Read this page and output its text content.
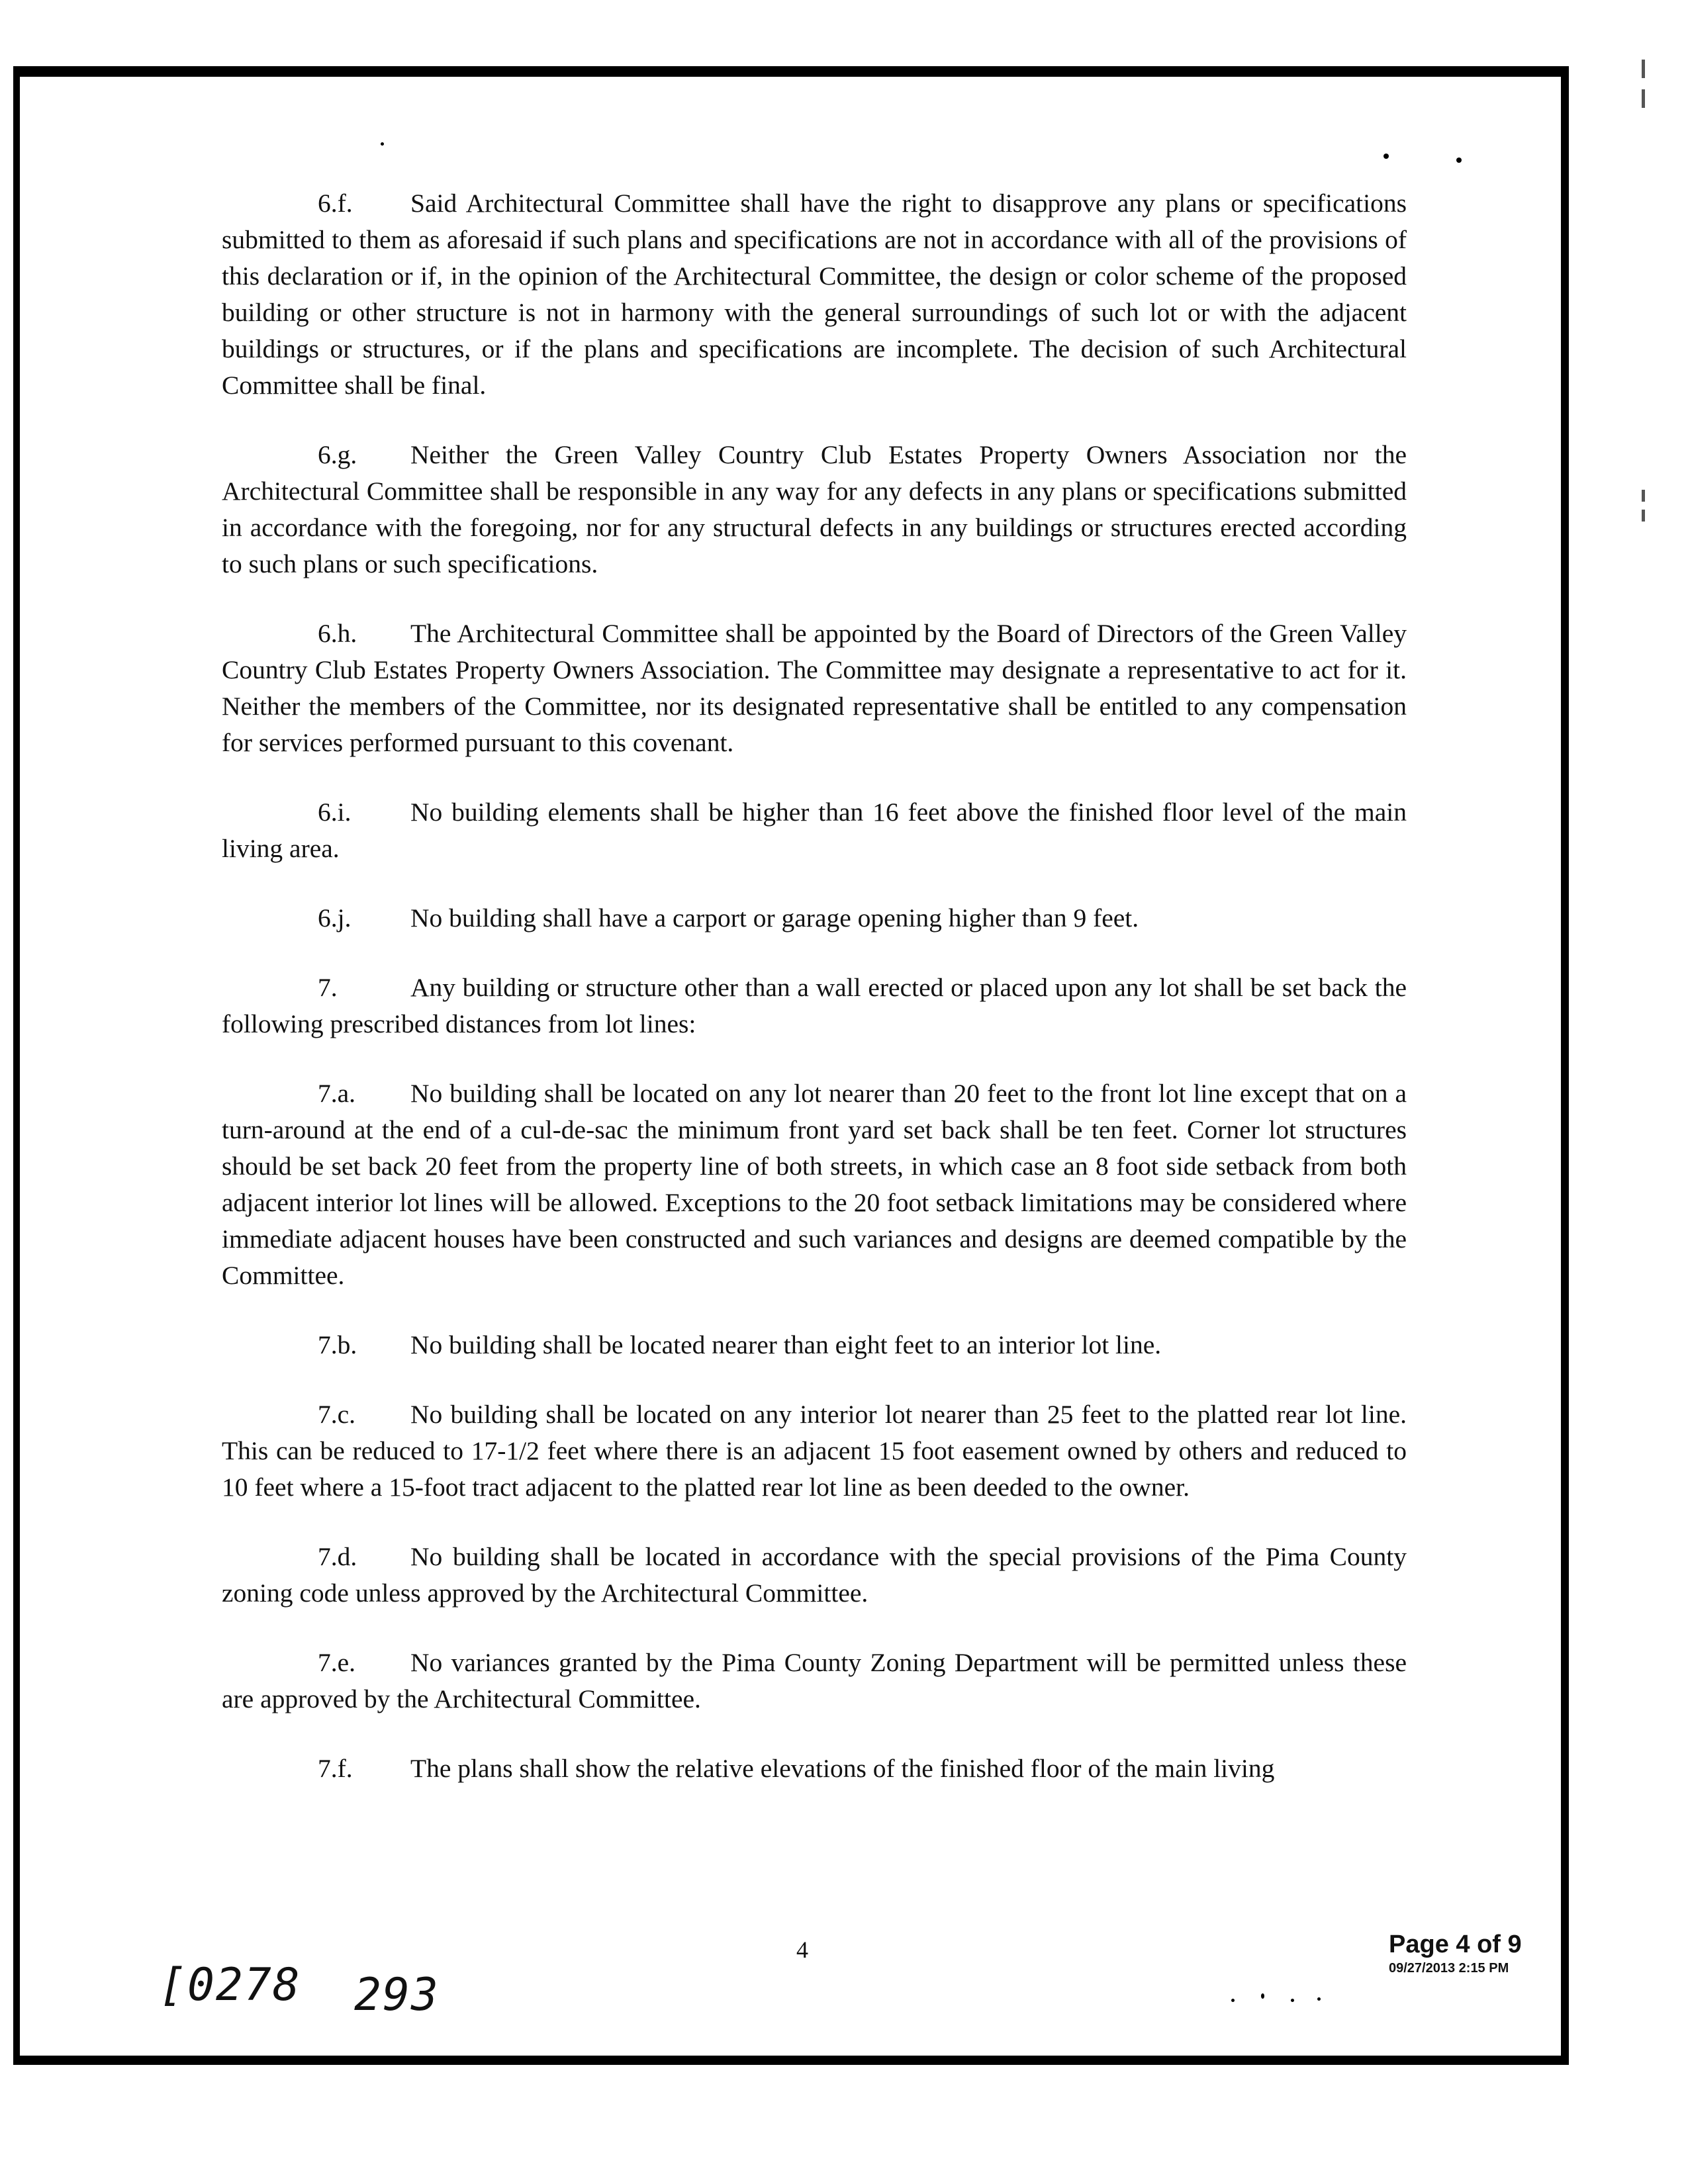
6.f. Said Architectural Committee shall have the right to disapprove any plans or specifications submitted to them as aforesaid if such plans and specifications are not in accordance with all of the provisions of this declaration or if, in the opinion of the Architectural Committee, the design or color scheme of the proposed building or other structure is not in harmony with the general surroundings of such lot or with the adjacent buildings or structures, or if the plans and specifications are incomplete. The decision of such Architectural Committee shall be final.

6.g. Neither the Green Valley Country Club Estates Property Owners Association nor the Architectural Committee shall be responsible in any way for any defects in any plans or specifications submitted in accordance with the foregoing, nor for any structural defects in any buildings or structures erected according to such plans or such specifications.

6.h. The Architectural Committee shall be appointed by the Board of Directors of the Green Valley Country Club Estates Property Owners Association. The Committee may designate a representative to act for it. Neither the members of the Committee, nor its designated representative shall be entitled to any compensation for services performed pursuant to this covenant.

6.i. No building elements shall be higher than 16 feet above the finished floor level of the main living area.

6.j. No building shall have a carport or garage opening higher than 9 feet.

7.	Any building or structure other than a wall erected or placed upon any lot shall be set back the following prescribed distances from lot lines:

7.a. No building shall be located on any lot nearer than 20 feet to the front lot line except that on a turn-around at the end of a cul-de-sac the minimum front yard set back shall be ten feet. Corner lot structures should be set back 20 feet from the property line of both streets, in which case an 8 foot side setback from both adjacent interior lot lines will be allowed. Exceptions to the 20 foot setback limitations may be considered where immediate adjacent houses have been constructed and such variances and designs are deemed compatible by the Committee.

7.b. No building shall be located nearer than eight feet to an interior lot line.

7.c. No building shall be located on any interior lot nearer than 25 feet to the platted rear lot line. This can be reduced to 17-1/2 feet where there is an adjacent 15 foot easement owned by others and reduced to 10 feet where a 15-foot tract adjacent to the platted rear lot line as been deeded to the owner.

7.d. No building shall be located in accordance with the special provisions of the Pima County zoning code unless approved by the Architectural Committee.

7.e. No variances granted by the Pima County Zoning Department will be permitted unless these are approved by the Architectural Committee.

7.f. The plans shall show the relative elevations of the finished floor of the main living

Page 4 of 9
09/27/2013 2:15 PM
4
[0278 293
